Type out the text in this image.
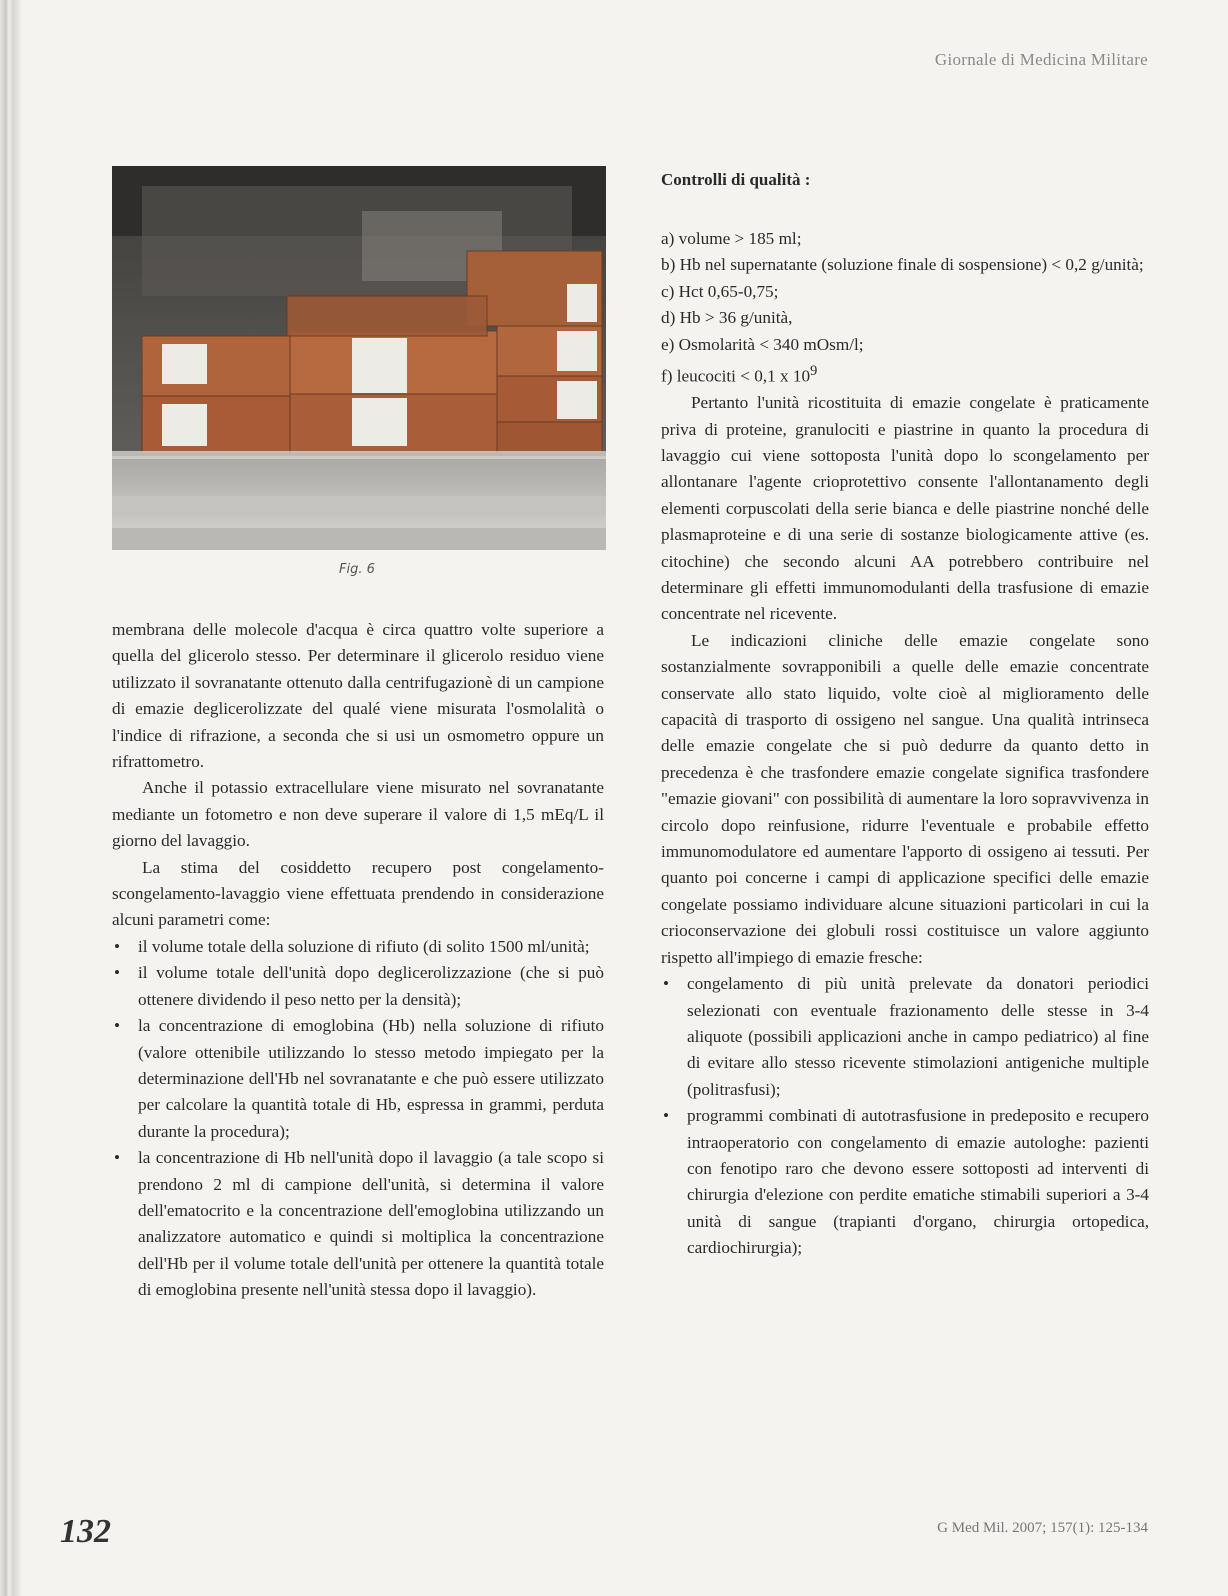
Giornale di Medicina Militare
Fig. 6

membrana delle molecole d'acqua è circa quattro volte superiore a quella del glicerolo stesso. Per determinare il glicerolo residuo viene utilizzato il sovranatante ottenuto dalla centrifugazionè di un campione di emazie deglicerolizzate del qualé viene misurata l'osmolalità o l'indice di rifrazione, a seconda che si usi un osmometro oppure un rifrattometro.

Anche il potassio extracellulare viene misurato nel sovranatante mediante un fotometro e non deve superare il valore di 1,5 mEq/L il giorno del lavaggio.

La stima del cosiddetto recupero post congelamento-scongelamento-lavaggio viene effettuata prendendo in considerazione alcuni parametri come:

• il volume totale della soluzione di rifiuto (di solito 1500 ml/unità;
• il volume totale dell'unità dopo deglicerolizzazione (che si può ottenere dividendo il peso netto per la densità);
• la concentrazione di emoglobina (Hb) nella soluzione di rifiuto (valore ottenibile utilizzando lo stesso metodo impiegato per la determinazione dell'Hb nel sovranatante e che può essere utilizzato per calcolare la quantità totale di Hb, espressa in grammi, perduta durante la procedura);
• la concentrazione di Hb nell'unità dopo il lavaggio (a tale scopo si prendono 2 ml di campione dell'unità, si determina il valore dell'ematocrito e la concentrazione dell'emoglobina utilizzando un analizzatore automatico e quindi si moltiplica la concentrazione dell'Hb per il volume totale dell'unità per ottenere la quantità totale di emoglobina presente nell'unità stessa dopo il lavaggio).
Controlli di qualità :
a) volume > 185 ml;
b) Hb nel supernatante (soluzione finale di sospensione) < 0,2 g/unità;
c) Hct 0,65-0,75;
d) Hb > 36 g/unità,
e) Osmolarità < 340 mOsm/l;
f) leucociti < 0,1 x $10^9$

Pertanto l'unità ricostituita di emazie congelate è praticamente priva di proteine, granulociti e piastrine in quanto la procedura di lavaggio cui viene sottoposta l'unità dopo lo scongelamento per allontanare l'agente crioprotettivo consente l'allontanamento degli elementi corpuscolati della serie bianca e delle piastrine nonché delle plasmaproteine e di una serie di sostanze biologicamente attive (es. citochine) che secondo alcuni AA potrebbero contribuire nel determinare gli effetti immunomodulanti della trasfusione di emazie concentrate nel ricevente.

Le indicazioni cliniche delle emazie congelate sono sostanzialmente sovrapponibili a quelle delle emazie concentrate conservate allo stato liquido, volte cioè al miglioramento delle capacità di trasporto di ossigeno nel sangue. Una qualità intrinseca delle emazie congelate che si può dedurre da quanto detto in precedenza è che trasfondere emazie congelate significa trasfondere "emazie giovani" con possibilità di aumentare la loro sopravvivenza in circolo dopo reinfusione, ridurre l'eventuale e probabile effetto immunomodulatore ed aumentare l'apporto di ossigeno ai tessuti. Per quanto poi concerne i campi di applicazione specifici delle emazie congelate possiamo individuare alcune situazioni particolari in cui la crioconservazione dei globuli rossi costituisce un valore aggiunto rispetto all'impiego di emazie fresche:

• congelamento di più unità prelevate da donatori periodici selezionati con eventuale frazionamento delle stesse in 3-4 aliquote (possibili applicazioni anche in campo pediatrico) al fine di evitare allo stesso ricevente stimolazioni antigeniche multiple (politrasfusi);
• programmi combinati di autotrasfusione in predeposito e recupero intraoperatorio con congelamento di emazie autologhe: pazienti con fenotipo raro che devono essere sottoposti ad interventi di chirurgia d'elezione con perdite ematiche stimabili superiori a 3-4 unità di sangue (trapianti d'organo, chirurgia ortopedica, cardiochirurgia);
132	G Med Mil. 2007; 157(1): 125-134
